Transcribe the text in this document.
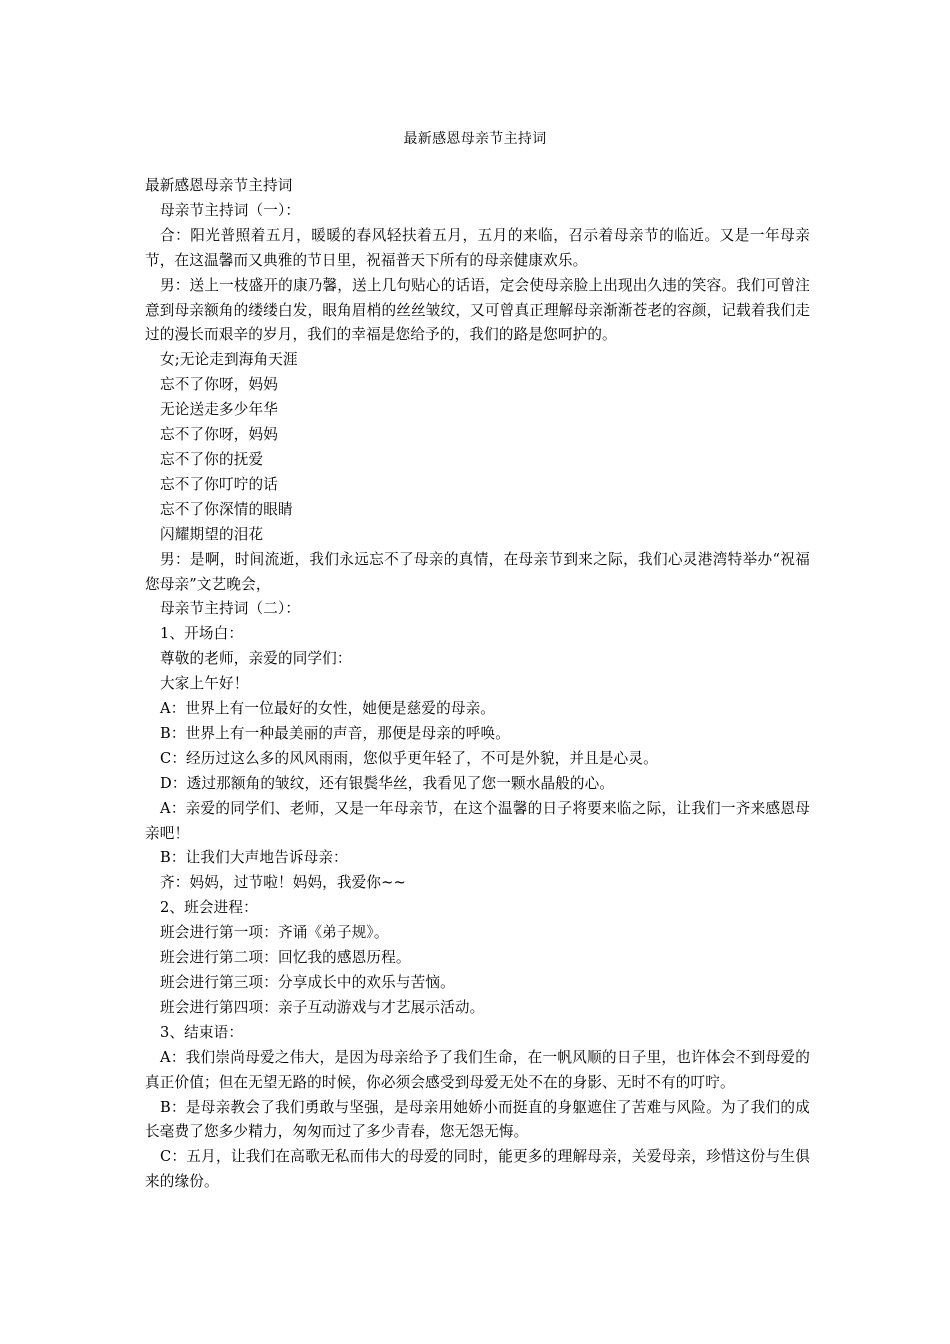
最新感恩母亲节主持词

最新感恩母亲节主持词

母亲节主持词（一）：

合：阳光普照着五月，暖暖的春风轻扶着五月，五月的来临，召示着母亲节的临近。又是一年母亲节，在这温馨而又典雅的节日里，祝福普天下所有的母亲健康欢乐。

男：送上一枝盛开的康乃馨，送上几句贴心的话语，定会使母亲脸上出现出久违的笑容。我们可曾注意到母亲额角的缕缕白发，眼角眉梢的丝丝皱纹，又可曾真正理解母亲渐渐苍老的容颜，记载着我们走过的漫长而艰辛的岁月，我们的幸福是您给予的，我们的路是您呵护的。

女;无论走到海角天涯

忘不了你呀，妈妈

无论送走多少年华

忘不了你呀，妈妈

忘不了你的抚爱

忘不了你叮咛的话

忘不了你深情的眼睛

闪耀期望的泪花

男：是啊，时间流逝，我们永远忘不了母亲的真情，在母亲节到来之际，我们心灵港湾特举办“祝福您母亲”文艺晚会，

母亲节主持词（二）：

1、开场白：

尊敬的老师，亲爱的同学们：

大家上午好！

A：世界上有一位最好的女性，她便是慈爱的母亲。

B：世界上有一种最美丽的声音，那便是母亲的呼唤。

C：经历过这么多的风风雨雨，您似乎更年轻了，不可是外貌，并且是心灵。

D：透过那额角的皱纹，还有银鬓华丝，我看见了您一颗水晶般的心。

A：亲爱的同学们、老师，又是一年母亲节，在这个温馨的日子将要来临之际，让我们一齐来感恩母亲吧！

B：让我们大声地告诉母亲：

齐：妈妈，过节啦！妈妈，我爱你~~

2、班会进程：

班会进行第一项：齐诵《弟子规》。

班会进行第二项：回忆我的感恩历程。

班会进行第三项：分享成长中的欢乐与苦恼。

班会进行第四项：亲子互动游戏与才艺展示活动。

3、结束语：

A：我们崇尚母爱之伟大，是因为母亲给予了我们生命，在一帆风顺的日子里，也许体会不到母爱的真正价值；但在无望无路的时候，你必须会感受到母爱无处不在的身影、无时不有的叮咛。

B：是母亲教会了我们勇敢与坚强，是母亲用她娇小而挺直的身躯遮住了苦难与风险。为了我们的成长毫费了您多少精力，匆匆而过了多少青春，您无怨无悔。

C：五月，让我们在高歌无私而伟大的母爱的同时，能更多的理解母亲，关爱母亲，珍惜这份与生俱来的缘份。
